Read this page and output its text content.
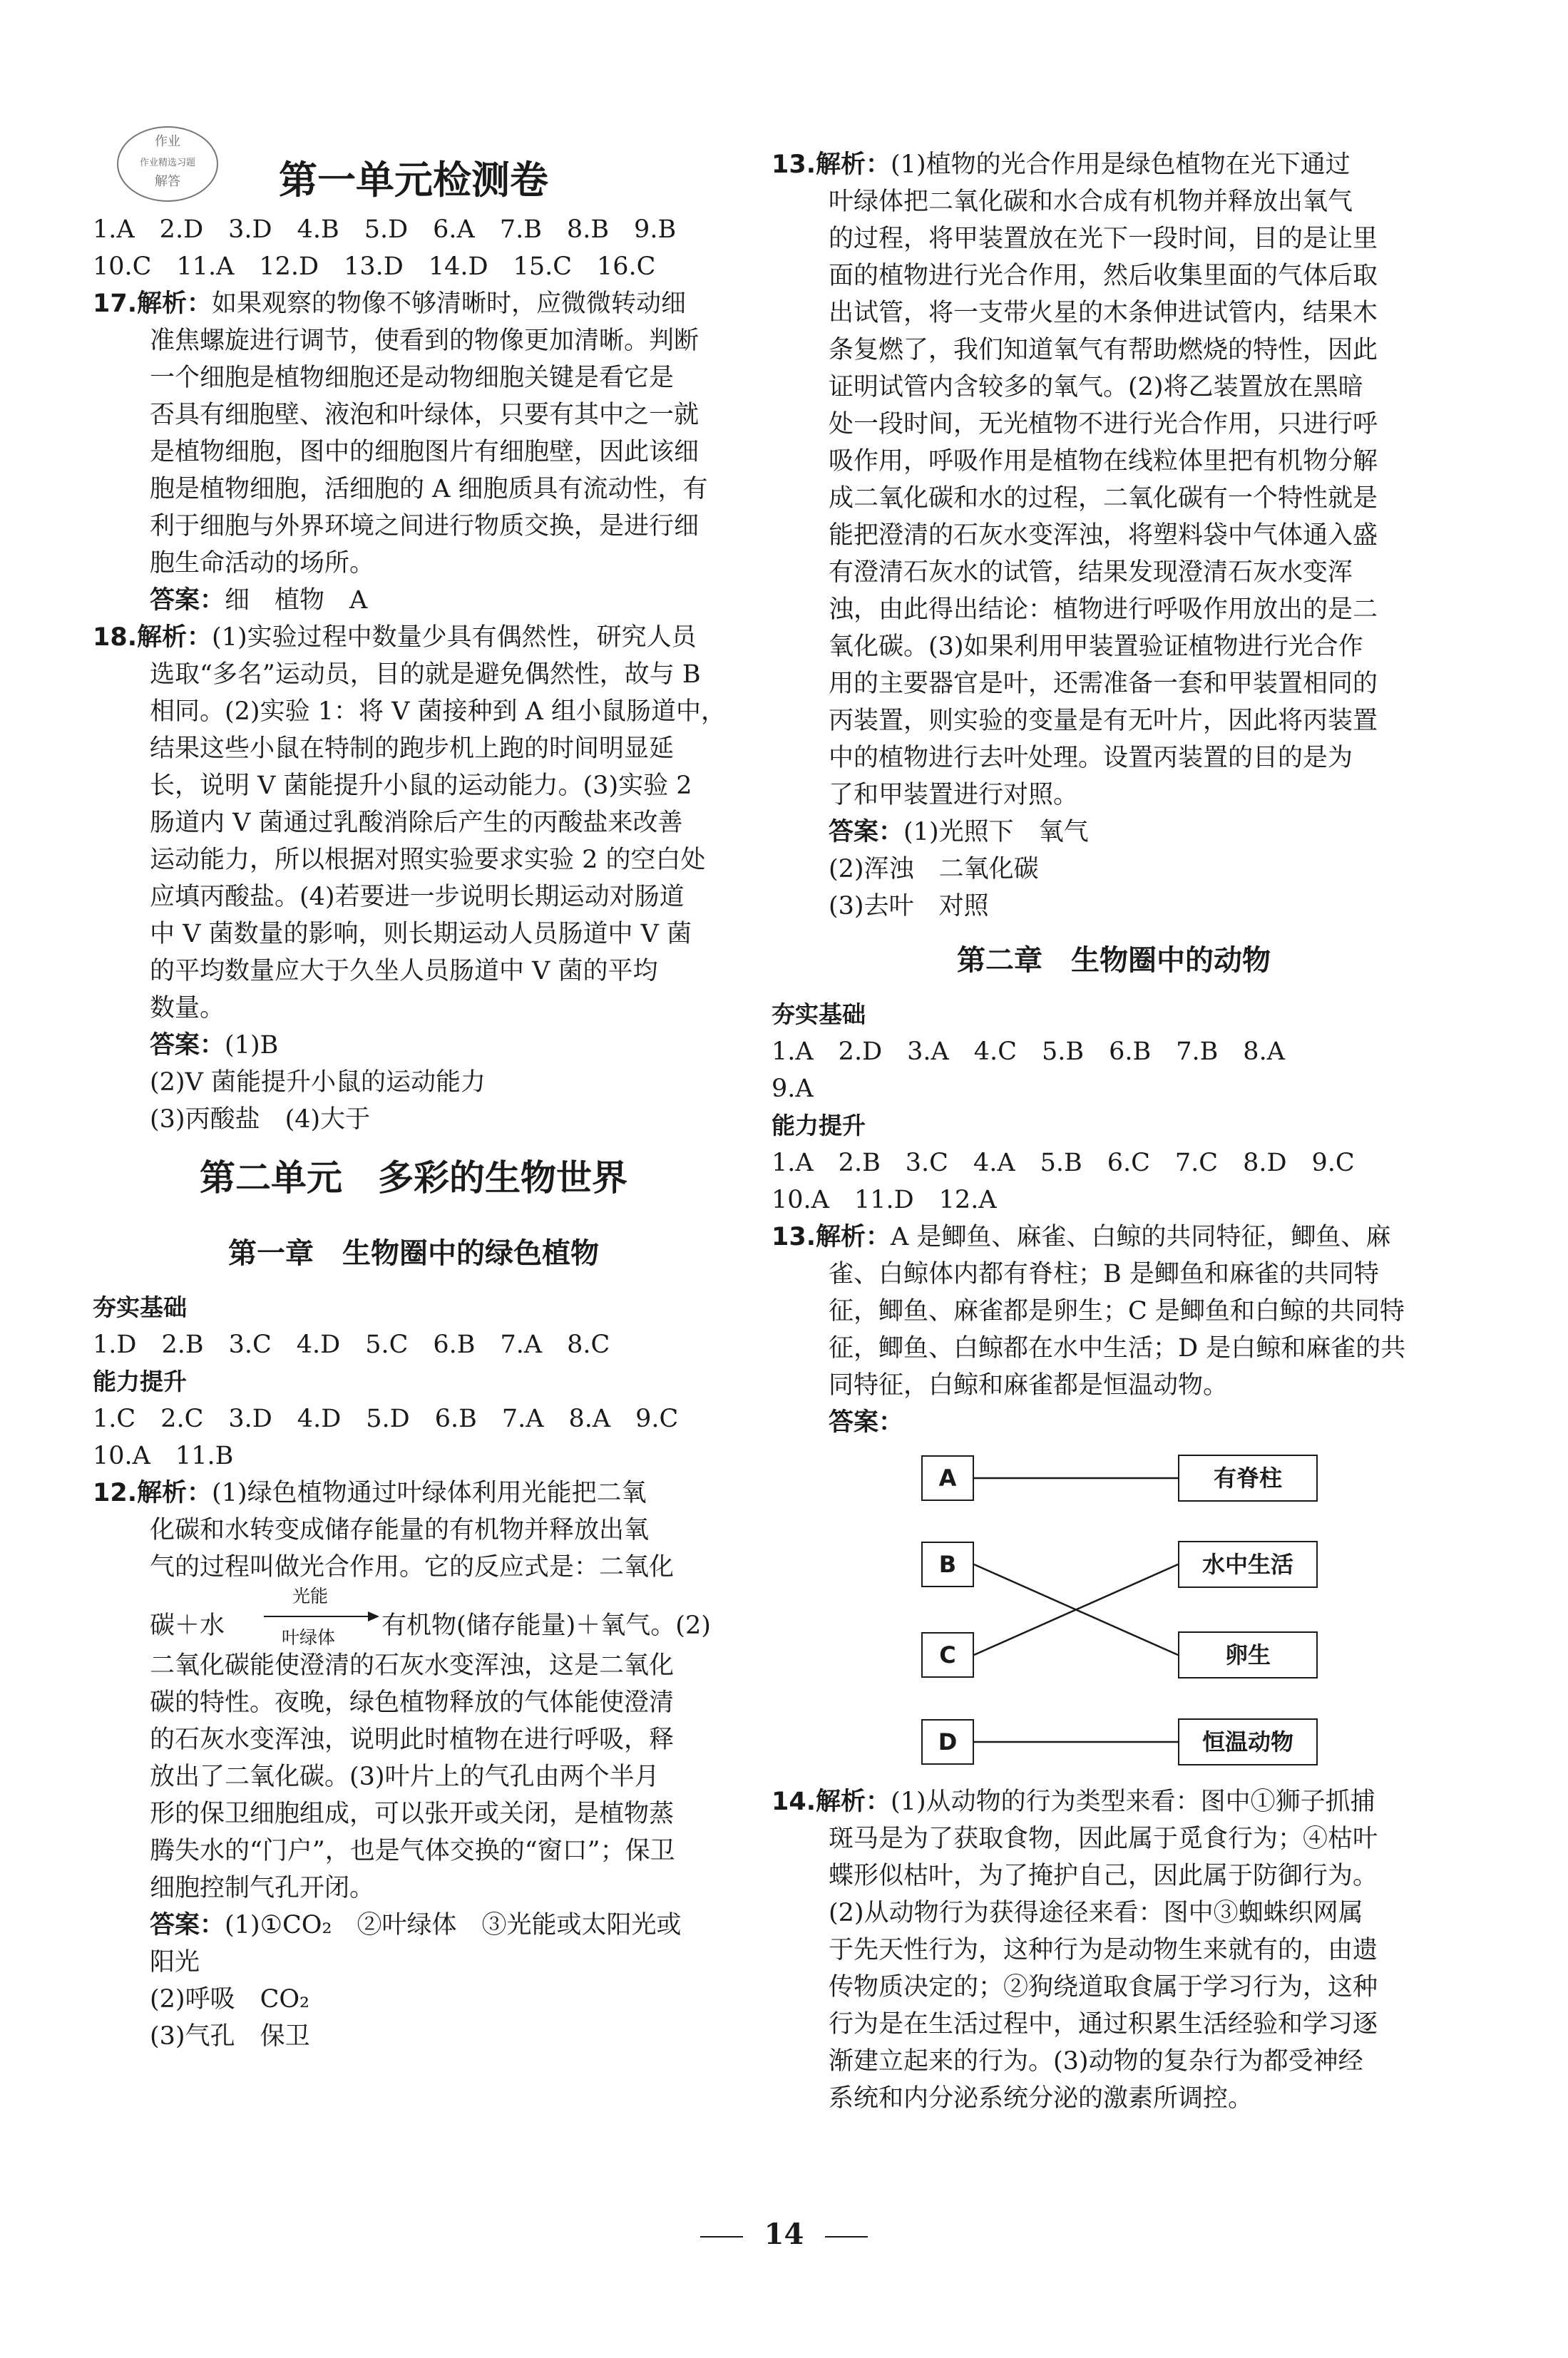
作业
作业精选习题
解答	第一单元检测卷
1.A　2.D　3.D　4.B　5.D　6.A　7.B　8.B　9.B
10.C　11.A　12.D　13.D　14.D　15.C　16.C
17.解析：如果观察的物像不够清晰时，应微微转动细
准焦螺旋进行调节，使看到的物像更加清晰。判断
一个细胞是植物细胞还是动物细胞关键是看它是
否具有细胞壁、液泡和叶绿体，只要有其中之一就
是植物细胞，图中的细胞图片有细胞壁，因此该细
胞是植物细胞，活细胞的 A 细胞质具有流动性，有
利于细胞与外界环境之间进行物质交换，是进行细
胞生命活动的场所。
答案：细　植物　A
18.解析：(1)实验过程中数量少具有偶然性，研究人员
选取“多名”运动员，目的就是避免偶然性，故与 B
相同。(2)实验 1：将 V 菌接种到 A 组小鼠肠道中，
结果这些小鼠在特制的跑步机上跑的时间明显延
长，说明 V 菌能提升小鼠的运动能力。(3)实验 2
肠道内 V 菌通过乳酸消除后产生的丙酸盐来改善
运动能力，所以根据对照实验要求实验 2 的空白处
应填丙酸盐。(4)若要进一步说明长期运动对肠道
中 V 菌数量的影响，则长期运动人员肠道中 V 菌
的平均数量应大于久坐人员肠道中 V 菌的平均
数量。
答案：(1)B
(2)V 菌能提升小鼠的运动能力
(3)丙酸盐　(4)大于
第二单元　多彩的生物世界
第一章　生物圈中的绿色植物
夯实基础
1.D　2.B　3.C　4.D　5.C　6.B　7.A　8.C
能力提升
1.C　2.C　3.D　4.D　5.D　6.B　7.A　8.A　9.C
10.A　11.B
12.解析：(1)绿色植物通过叶绿体利用光能把二氧
化碳和水转变成储存能量的有机物并释放出氧
气的过程叫做光合作用。它的反应式是：二氧化
碳＋水
光能
叶绿体 有机物(储存能量)＋氧气。(2)
二氧化碳能使澄清的石灰水变浑浊，这是二氧化
碳的特性。夜晚，绿色植物释放的气体能使澄清
的石灰水变浑浊，说明此时植物在进行呼吸，释
放出了二氧化碳。(3)叶片上的气孔由两个半月
形的保卫细胞组成，可以张开或关闭，是植物蒸
腾失水的“门户”，也是气体交换的“窗口”；保卫
细胞控制气孔开闭。
答案：(1)①CO₂　②叶绿体　③光能或太阳光或
阳光
(2)呼吸　CO₂
(3)气孔　保卫
13.解析：(1)植物的光合作用是绿色植物在光下通过
叶绿体把二氧化碳和水合成有机物并释放出氧气
的过程，将甲装置放在光下一段时间，目的是让里
面的植物进行光合作用，然后收集里面的气体后取
出试管，将一支带火星的木条伸进试管内，结果木
条复燃了，我们知道氧气有帮助燃烧的特性，因此
证明试管内含较多的氧气。(2)将乙装置放在黑暗
处一段时间，无光植物不进行光合作用，只进行呼
吸作用，呼吸作用是植物在线粒体里把有机物分解
成二氧化碳和水的过程，二氧化碳有一个特性就是
能把澄清的石灰水变浑浊，将塑料袋中气体通入盛
有澄清石灰水的试管，结果发现澄清石灰水变浑
浊，由此得出结论：植物进行呼吸作用放出的是二
氧化碳。(3)如果利用甲装置验证植物进行光合作
用的主要器官是叶，还需准备一套和甲装置相同的
丙装置，则实验的变量是有无叶片，因此将丙装置
中的植物进行去叶处理。设置丙装置的目的是为
了和甲装置进行对照。
答案：(1)光照下　氧气
(2)浑浊　二氧化碳
(3)去叶　对照
第二章　生物圈中的动物
夯实基础
1.A　2.D　3.A　4.C　5.B　6.B　7.B　8.A
9.A
能力提升
1.A　2.B　3.C　4.A　5.B　6.C　7.C　8.D　9.C
10.A　11.D　12.A
13.解析：A 是鲫鱼、麻雀、白鲸的共同特征，鲫鱼、麻
雀、白鲸体内都有脊柱；B 是鲫鱼和麻雀的共同特
征，鲫鱼、麻雀都是卵生；C 是鲫鱼和白鲸的共同特
征，鲫鱼、白鲸都在水中生活；D 是白鲸和麻雀的共
同特征，白鲸和麻雀都是恒温动物。
答案：
A
B
C
D
有脊柱
水中生活
卵生
恒温动物
14.解析：(1)从动物的行为类型来看：图中①狮子抓捕
斑马是为了获取食物，因此属于觅食行为；④枯叶
蝶形似枯叶，为了掩护自己，因此属于防御行为。
(2)从动物行为获得途径来看：图中③蜘蛛织网属
于先天性行为，这种行为是动物生来就有的，由遗
传物质决定的；②狗绕道取食属于学习行为，这种
行为是在生活过程中，通过积累生活经验和学习逐
渐建立起来的行为。(3)动物的复杂行为都受神经
系统和内分泌系统分泌的激素所调控。
14
